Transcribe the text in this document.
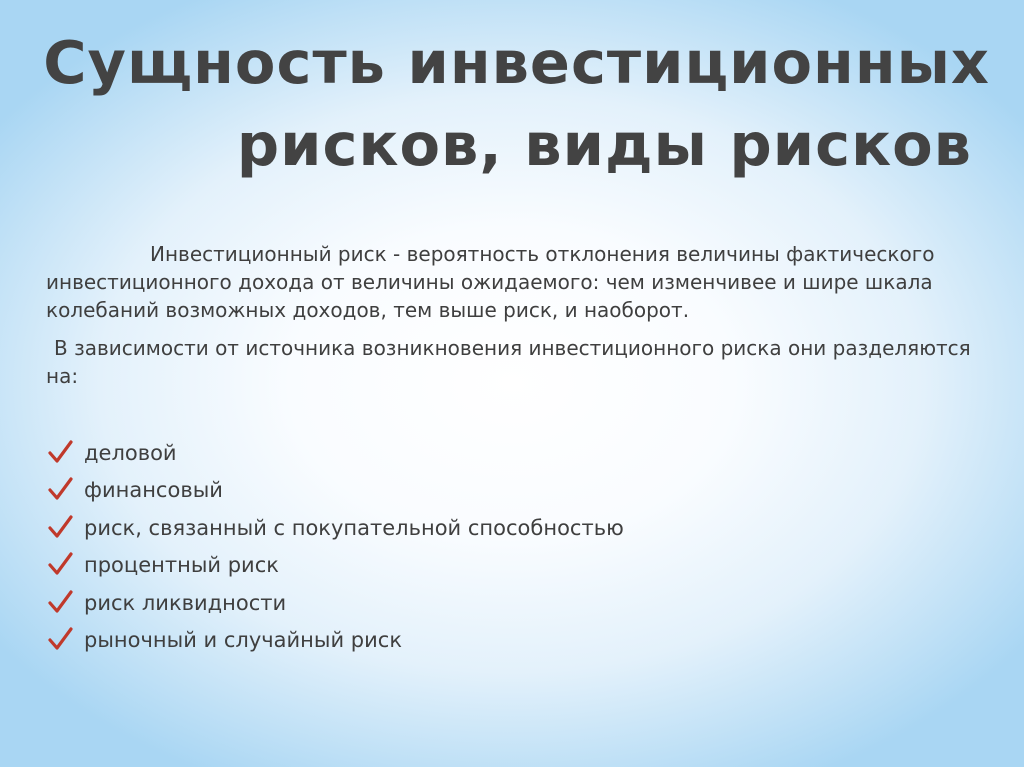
Сущность инвестиционных
рисков, виды рисков

Инвестиционный риск - вероятность отклонения величины фактического инвестиционного дохода от величины ожидаемого: чем изменчивее и шире шкала колебаний возможных доходов, тем выше риск, и наоборот.

В зависимости от источника возникновения инвестиционного риска они разделяются на:

деловой
финансовый
риск, связанный с покупательной способностью
процентный риск
риск ликвидности
рыночный и случайный риск
